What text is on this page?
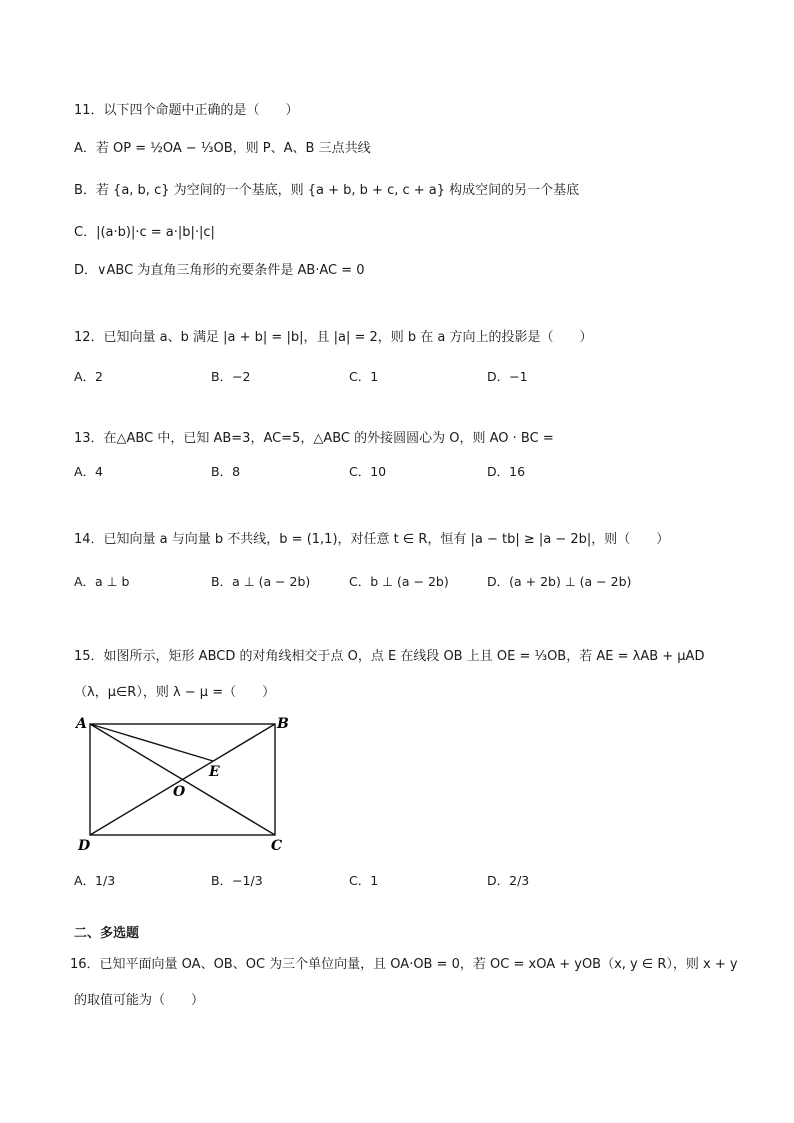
11．以下四个命题中正确的是（　　）
A．若 OP = ½OA − ⅓OB，则 P、A、B 三点共线
B．若 {a, b, c} 为空间的一个基底，则 {a + b, b + c, c + a} 构成空间的另一个基底
C．|(a·b)|·c = a·|b|·|c|
D．∨ABC 为直角三角形的充要条件是 AB·AC = 0
12．已知向量 a、b 满足 |a + b| = |b|，且 |a| = 2，则 b 在 a 方向上的投影是（　　）
A．2	B．−2	C．1	D．−1
13．在△ABC 中，已知 AB=3，AC=5，△ABC 的外接圆圆心为 O，则 AO · BC =
A．4	B．8	C．10	D．16
14．已知向量 a 与向量 b 不共线，b = (1,1)，对任意 t ∈ R，恒有 |a − tb| ≥ |a − 2b|，则（　　）
A．a ⊥ b	B．a ⊥ (a − 2b)	C．b ⊥ (a − 2b)	D．(a + 2b) ⊥ (a − 2b)
15．如图所示，矩形 ABCD 的对角线相交于点 O，点 E 在线段 OB 上且 OE = ⅓OB，若 AE = λAB + μAD
（λ，μ∈R），则 λ − μ =（　　）
A	B
C
D
E
O
A．1/3	B．−1/3	C．1	D．2/3
二、多选题
16．已知平面向量 OA、OB、OC 为三个单位向量，且 OA·OB = 0，若 OC = xOA + yOB（x, y ∈ R），则 x + y
的取值可能为（　　）
